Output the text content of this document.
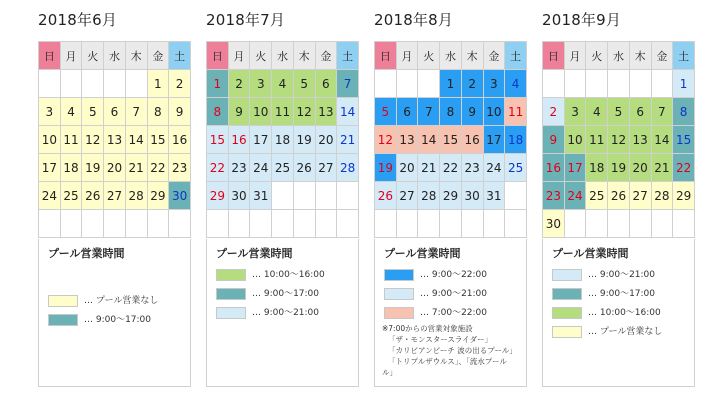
2018年6月
日	月	火	水	木	金	土
					1	2
3	4	5	6	7	8	9
10	11	12	13	14	15	16
17	18	19	20	21	22	23
24	25	26	27	28	29	30

プール営業時間
… プール営業なし
… 9:00〜17:00
2018年7月
日	月	火	水	木	金	土
1	2	3	4	5	6	7
8	9	10	11	12	13	14
15	16	17	18	19	20	21
22	23	24	25	26	27	28
29	30	31				

プール営業時間
… 10:00〜16:00
… 9:00〜17:00
… 9:00〜21:00
2018年8月
日	月	火	水	木	金	土
			1	2	3	4
5	6	7	8	9	10	11
12	13	14	15	16	17	18
19	20	21	22	23	24	25
26	27	28	29	30	31	

プール営業時間
… 9:00〜22:00
… 9:00〜21:00
… 7:00〜22:00
※7:00からの営業対象施設
「ザ・モンスタースライダー」
「カリビアンビーチ 波の出るプール」
「トリプルザウルス」、「流水プール
ル」
2018年9月
日	月	火	水	木	金	土
						1
2	3	4	5	6	7	8
9	10	11	12	13	14	15
16	17	18	19	20	21	22
23	24	25	26	27	28	29
30						
プール営業時間
… 9:00〜21:00
… 9:00〜17:00
… 10:00〜16:00
… プール営業なし
